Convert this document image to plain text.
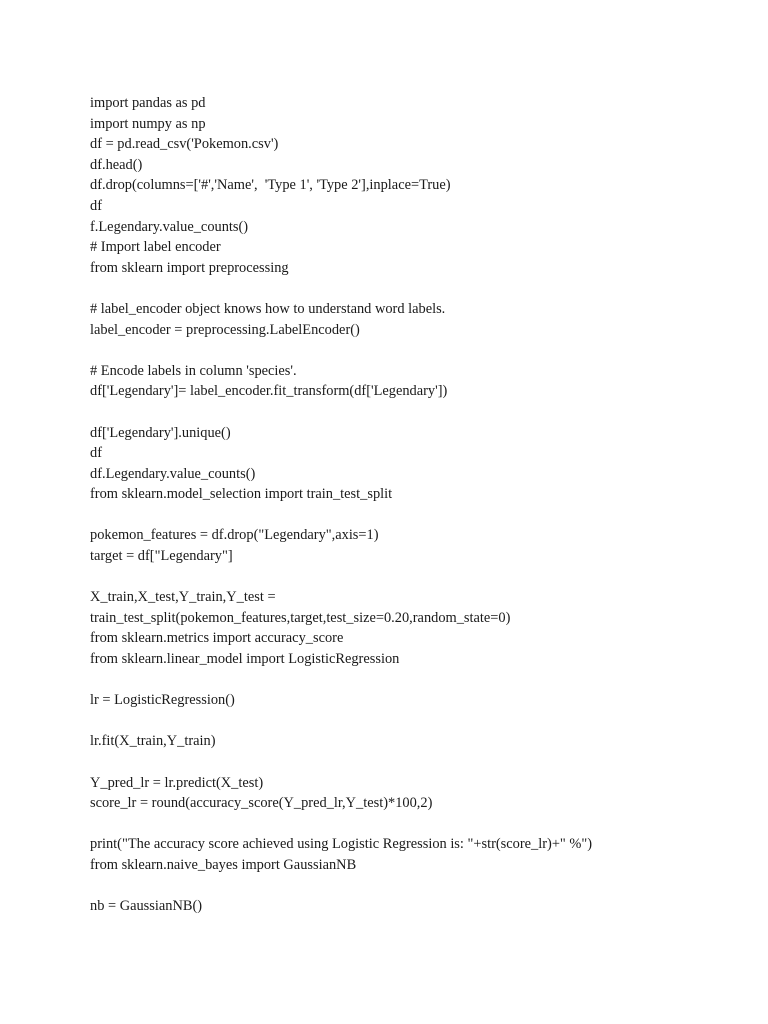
import pandas as pd
import numpy as np
df = pd.read_csv('Pokemon.csv')
df.head()
df.drop(columns=['#','Name',  'Type 1', 'Type 2'],inplace=True)
df
f.Legendary.value_counts()
# Import label encoder
from sklearn import preprocessing
# label_encoder object knows how to understand word labels.
label_encoder = preprocessing.LabelEncoder()
# Encode labels in column 'species'.
df['Legendary']= label_encoder.fit_transform(df['Legendary'])
df['Legendary'].unique()
df
df.Legendary.value_counts()
from sklearn.model_selection import train_test_split
pokemon_features = df.drop("Legendary",axis=1)
target = df["Legendary"]
X_train,X_test,Y_train,Y_test =
train_test_split(pokemon_features,target,test_size=0.20,random_state=0)
from sklearn.metrics import accuracy_score
from sklearn.linear_model import LogisticRegression
lr = LogisticRegression()
lr.fit(X_train,Y_train)
Y_pred_lr = lr.predict(X_test)
score_lr = round(accuracy_score(Y_pred_lr,Y_test)*100,2)
print("The accuracy score achieved using Logistic Regression is: "+str(score_lr)+" %")
from sklearn.naive_bayes import GaussianNB
nb = GaussianNB()
